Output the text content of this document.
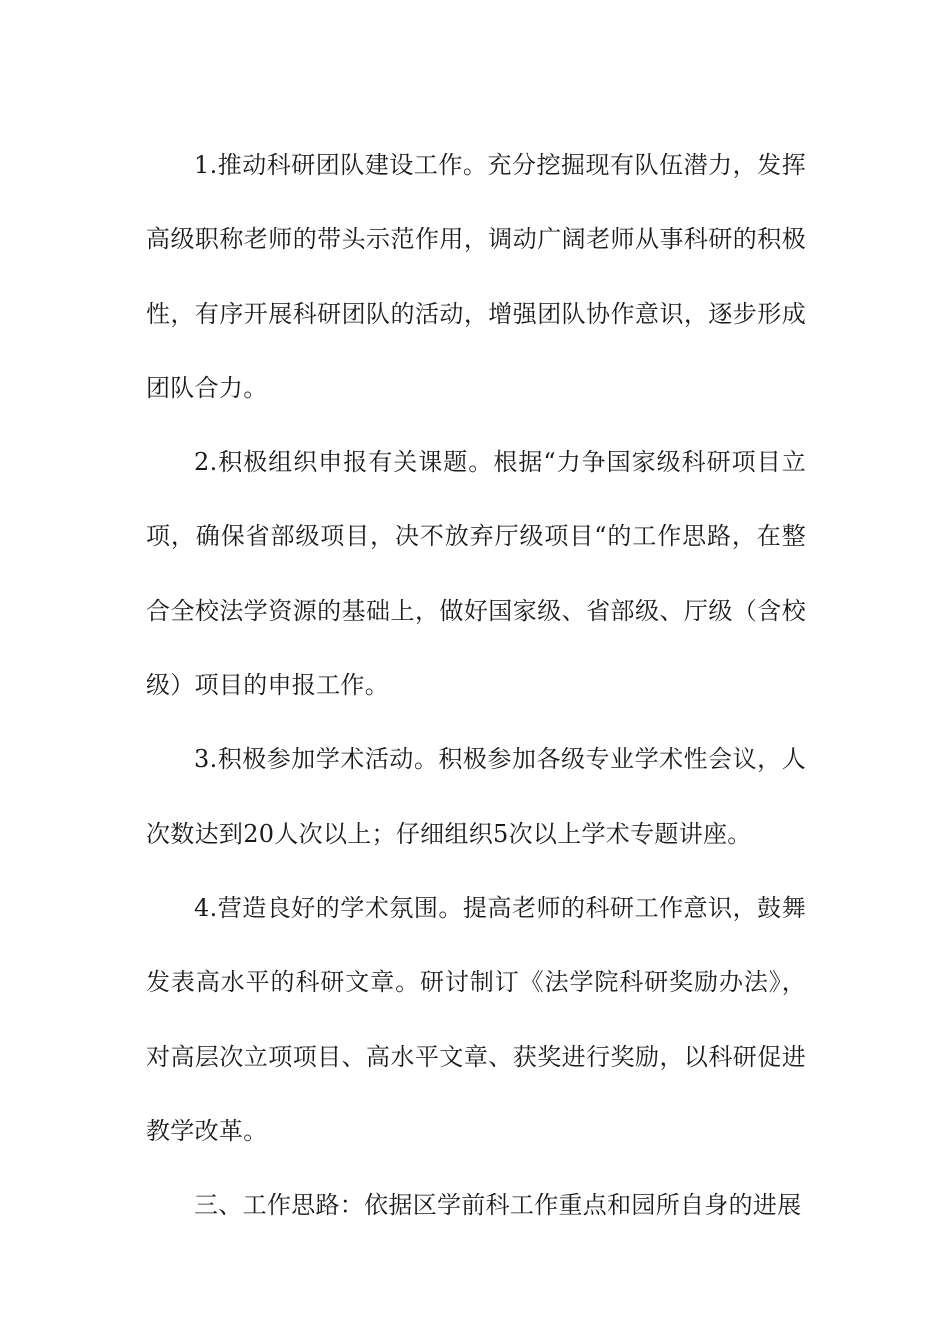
1.推动科研团队建设工作。充分挖掘现有队伍潜力，发挥高级职称老师的带头示范作用，调动广阔老师从事科研的积极性，有序开展科研团队的活动，增强团队协作意识，逐步形成团队合力。

2.积极组织申报有关课题。根据“力争国家级科研项目立项，确保省部级项目，决不放弃厅级项目“的工作思路，在整合全校法学资源的基础上，做好国家级、省部级、厅级（含校级）项目的申报工作。

3.积极参加学术活动。积极参加各级专业学术性会议，人次数达到20人次以上；仔细组织5次以上学术专题讲座。

4.营造良好的学术氛围。提高老师的科研工作意识，鼓舞发表高水平的科研文章。研讨制订《法学院科研奖励办法》，对高层次立项项目、高水平文章、获奖进行奖励，以科研促进教学改革。

三、工作思路：依据区学前科工作重点和园所自身的进展
